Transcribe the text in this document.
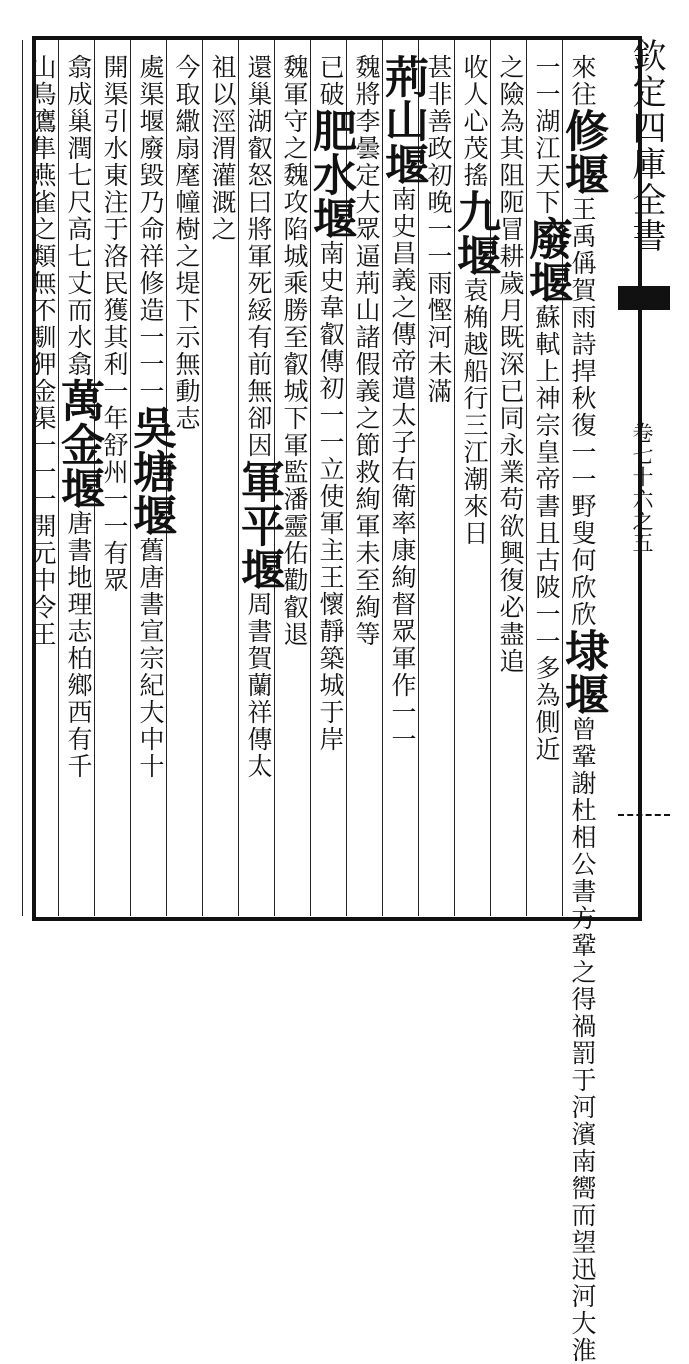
欽定四庫全書
卷七十六之五
來往修堰王禹偁賀雨詩捍秋復一一野叟何欣欣埭堰曾鞏謝杜相公書方鞏之得禍罰于河濱南嚮而望迅河大淮
一一湖江天下廢堰蘇軾上神宗皇帝書且古陂一一多為側近
之險為其阻阨冒耕歲月既深已同永業苟欲興復必盡追
收人心茂搖九堰袁桷越船行三江潮來日
甚非善政初晚一一雨慳河未滿
荊山堰南史昌義之傳帝遣太子右衛率康絢督眾軍作一一
魏將李曇定大眾逼荊山諸假義之節救絢軍未至絢等
已破肥水堰南史韋叡傳初一一立使軍主王懷靜築城于岸
魏軍守之魏攻陷城乘勝至叡城下軍監潘靈佑勸叡退
還巢湖叡怒曰將軍死綏有前無卻因軍平堰周書賀蘭祥傳太
祖以涇渭灌溉之
今取繖扇麾幢樹之堤下示無動志
處渠堰廢毀乃命祥修造一一一吳塘堰舊唐書宣宗紀大中十
開渠引水東注于洛民獲其利一年舒州一一有眾
翕成巢潤七尺高七丈而水翕萬金堰唐書地理志柏鄉西有千
山鳥鷹隼燕雀之類無不馴狎金渠一一一開元中令王
